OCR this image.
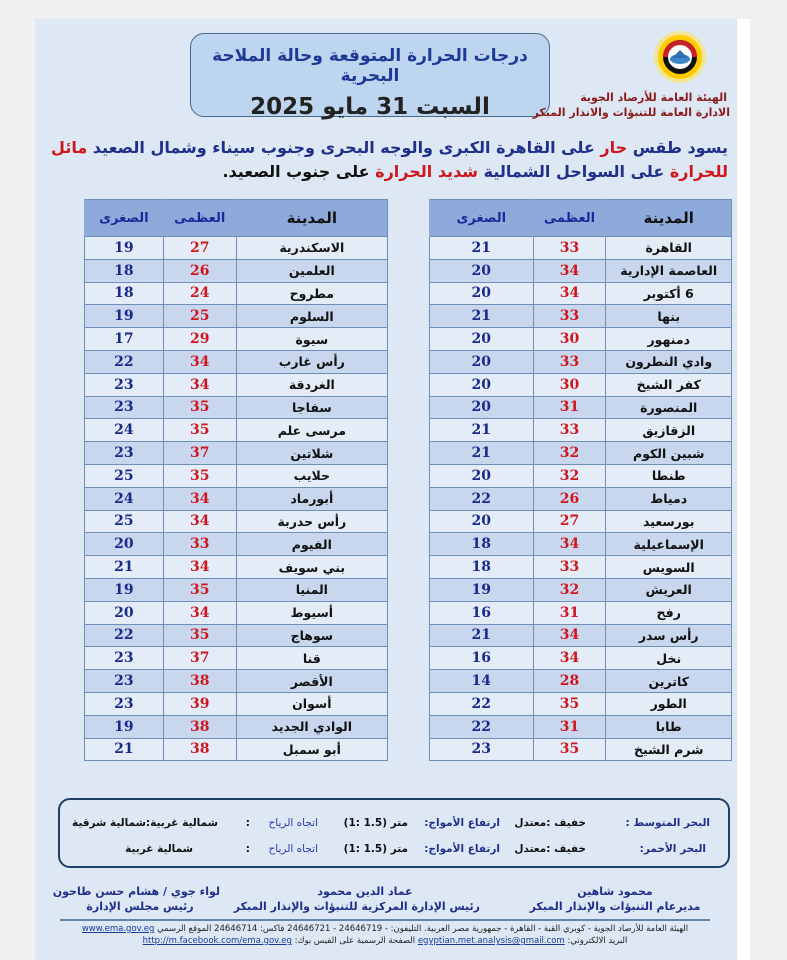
درجات الحرارة المتوقعة وحالة الملاحة البحرية
السبت 31 مايو 2025	الهيئة العامة للأرصاد الجوية
الادارة العامة للتنبؤات والانذار المبكر
يسود طقس حار على القاهرة الكبرى والوجه البحرى وجنوب سيناء وشمال الصعيد مائل للحرارة على السواحل الشمالية شديد الحرارة على جنوب الصعيد.
المدينة	العظمى	الصغرى
القاهرة	33	21
العاصمة الإدارية	34	20
6 أكتوبر	34	20
بنها	33	21
دمنهور	30	20
وادي النطرون	33	20
كفر الشيخ	30	20
المنصورة	31	20
الزقازيق	33	21
شبين الكوم	32	21
طنطا	32	20
دمياط	26	22
بورسعيد	27	20
الإسماعيلية	34	18
السويس	33	18
العريش	32	19
رفح	31	16
رأس سدر	34	21
نخل	34	16
كاترين	28	14
الطور	35	22
طابا	31	22
شرم الشيخ	35	23
المدينة	العظمى	الصغرى
الاسكندرية	27	19
العلمين	26	18
مطروح	24	18
السلوم	25	19
سيوة	29	17
رأس غارب	34	22
الغردقة	34	23
سفاجا	35	23
مرسى علم	35	24
شلاتين	37	23
حلايب	35	25
أبورماد	34	24
رأس حدربة	34	25
الفيوم	33	20
بني سويف	34	21
المنيا	35	19
أسيوط	34	20
سوهاج	35	22
قنا	37	23
الأقصر	38	23
أسوان	39	23
الوادي الجديد	38	19
أبو سمبل	38	21
البحر المتوسط :
خفيف :معتدل
ارتفاع الأمواج:
(1: 1.5) متر
اتجاه الرياح
:
شمالية غربية:شمالية شرقية
البحر الأحمر:
خفيف :معتدل
ارتفاع الأمواج:
(1: 1.5) متر
اتجاه الرياح
:
شمالية غربية
محمود شاهين
مديرعام التنبؤات والإنذار المبكر
عماد الدين محمود
رئيس الإدارة المركزية للتنبؤات والإنذار المبكر
لواء جوي / هشام حسن طاحون
رئيس مجلس الإدارة
الهيئة العامة للأرصاد الجوية - كوبري القبة - القاهرة - جمهورية مصر العربية. التليفون: - 24646719 - 24646721 فاكس: 24646714 الموقع الرسمي www.ema.gov.eg
البريد الالكتروني: egyptian.met.analysis@gmail.com الصفحة الرسمية على الفيس بوك: http://m.facebook.com/ema.gov.eg
